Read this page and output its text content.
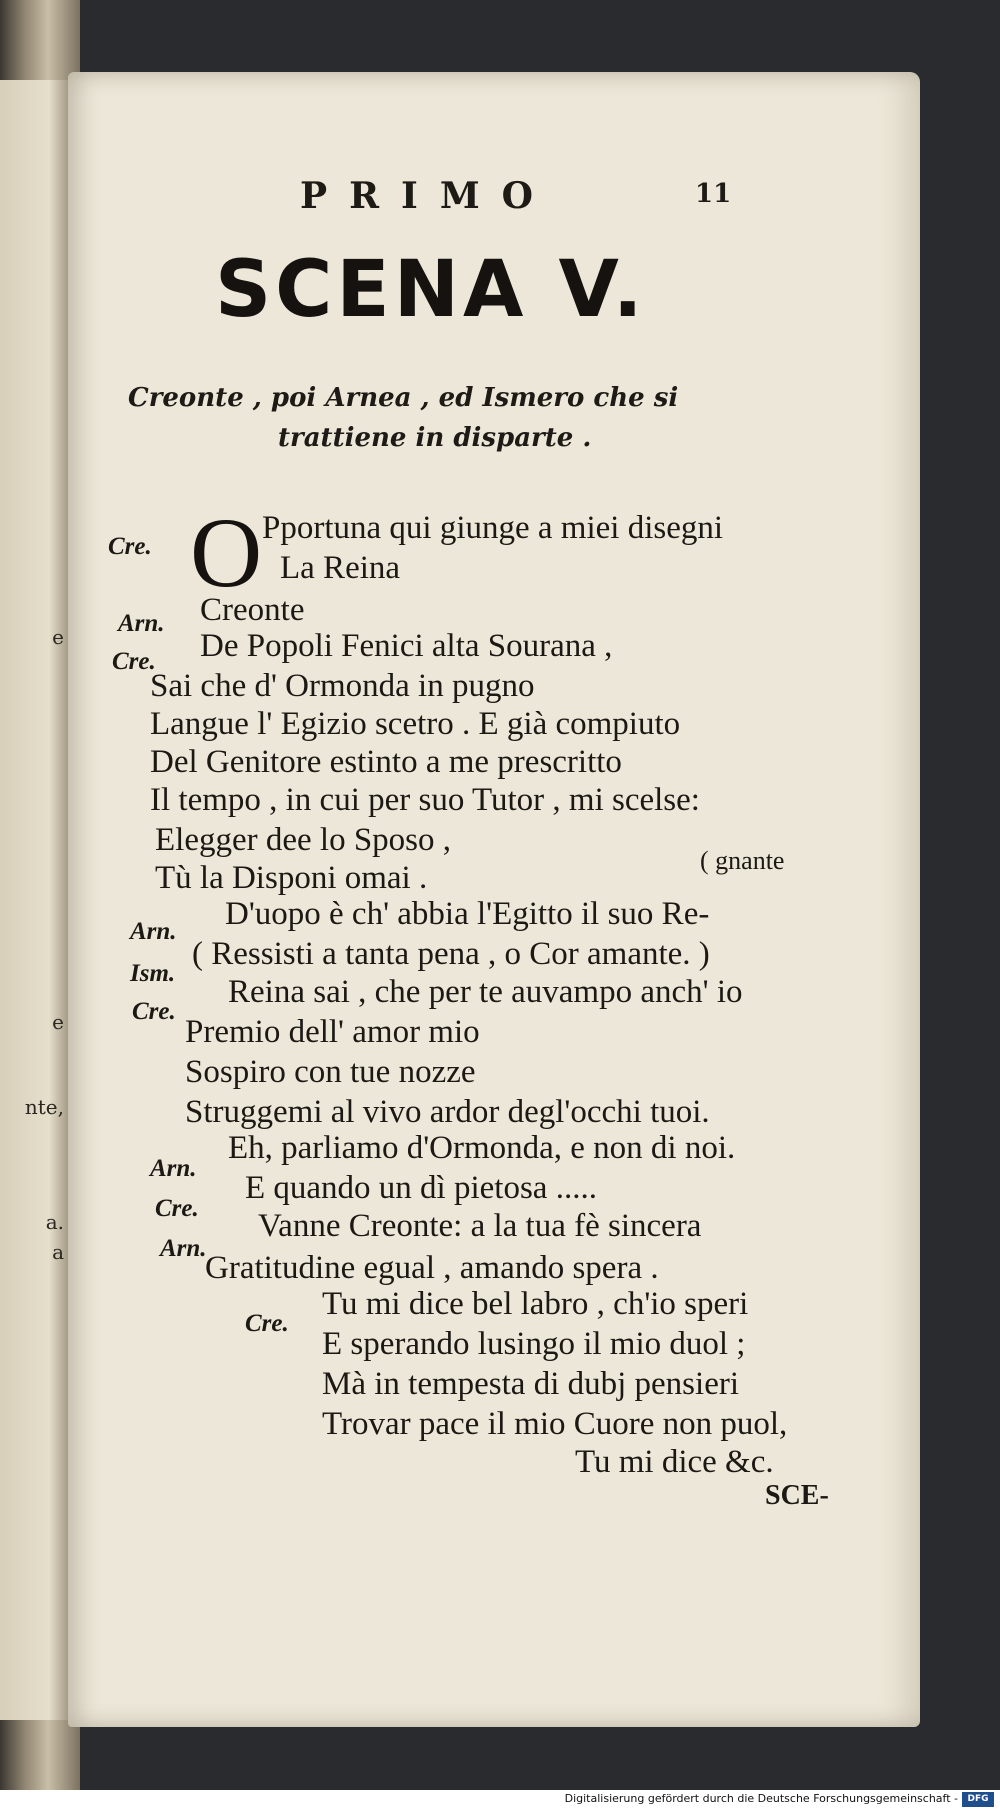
e
e
nte,
a.
a
PRIMO	11
SCENA V.
Creonte , poi Arnea , ed Ismero che si
trattiene in disparte .
O
Cre.
Pportuna qui giunge a miei disegni
La Reina
Arn. Creonte
Cre. De Popoli Fenici alta Sourana ,
Sai che d' Ormonda in pugno
Langue l' Egizio scetro . E già compiuto
Del Genitore estinto a me prescritto
Il tempo , in cui per suo Tutor , mi scelse:
Elegger dee lo Sposo ,
Tù la Disponi omai .	( gnante
Arn. D'uopo è ch' abbia l'Egitto il suo Re-
Ism.
( Ressisti a tanta pena , o Cor amante. )
Cre.
Reina sai , che per te auvampo anch' io
Premio dell' amor mio
Sospiro con tue nozze
Struggemi al vivo ardor degl'occhi tuoi.
Arn.
Eh, parliamo d'Ormonda, e non di noi.
Cre.
E quando un dì pietosa .....
Arn.
Vanne Creonte: a la tua fè sincera
Gratitudine egual , amando spera .
Cre.
Tu mi dice bel labro , ch'io speri
E sperando lusingo il mio duol ;
Mà in tempesta di dubj pensieri
Trovar pace il mio Cuore non puol,
Tu mi dice &c.
SCE-
Digitalisierung gefördert durch die Deutsche Forschungsgemeinschaft -	DFG
